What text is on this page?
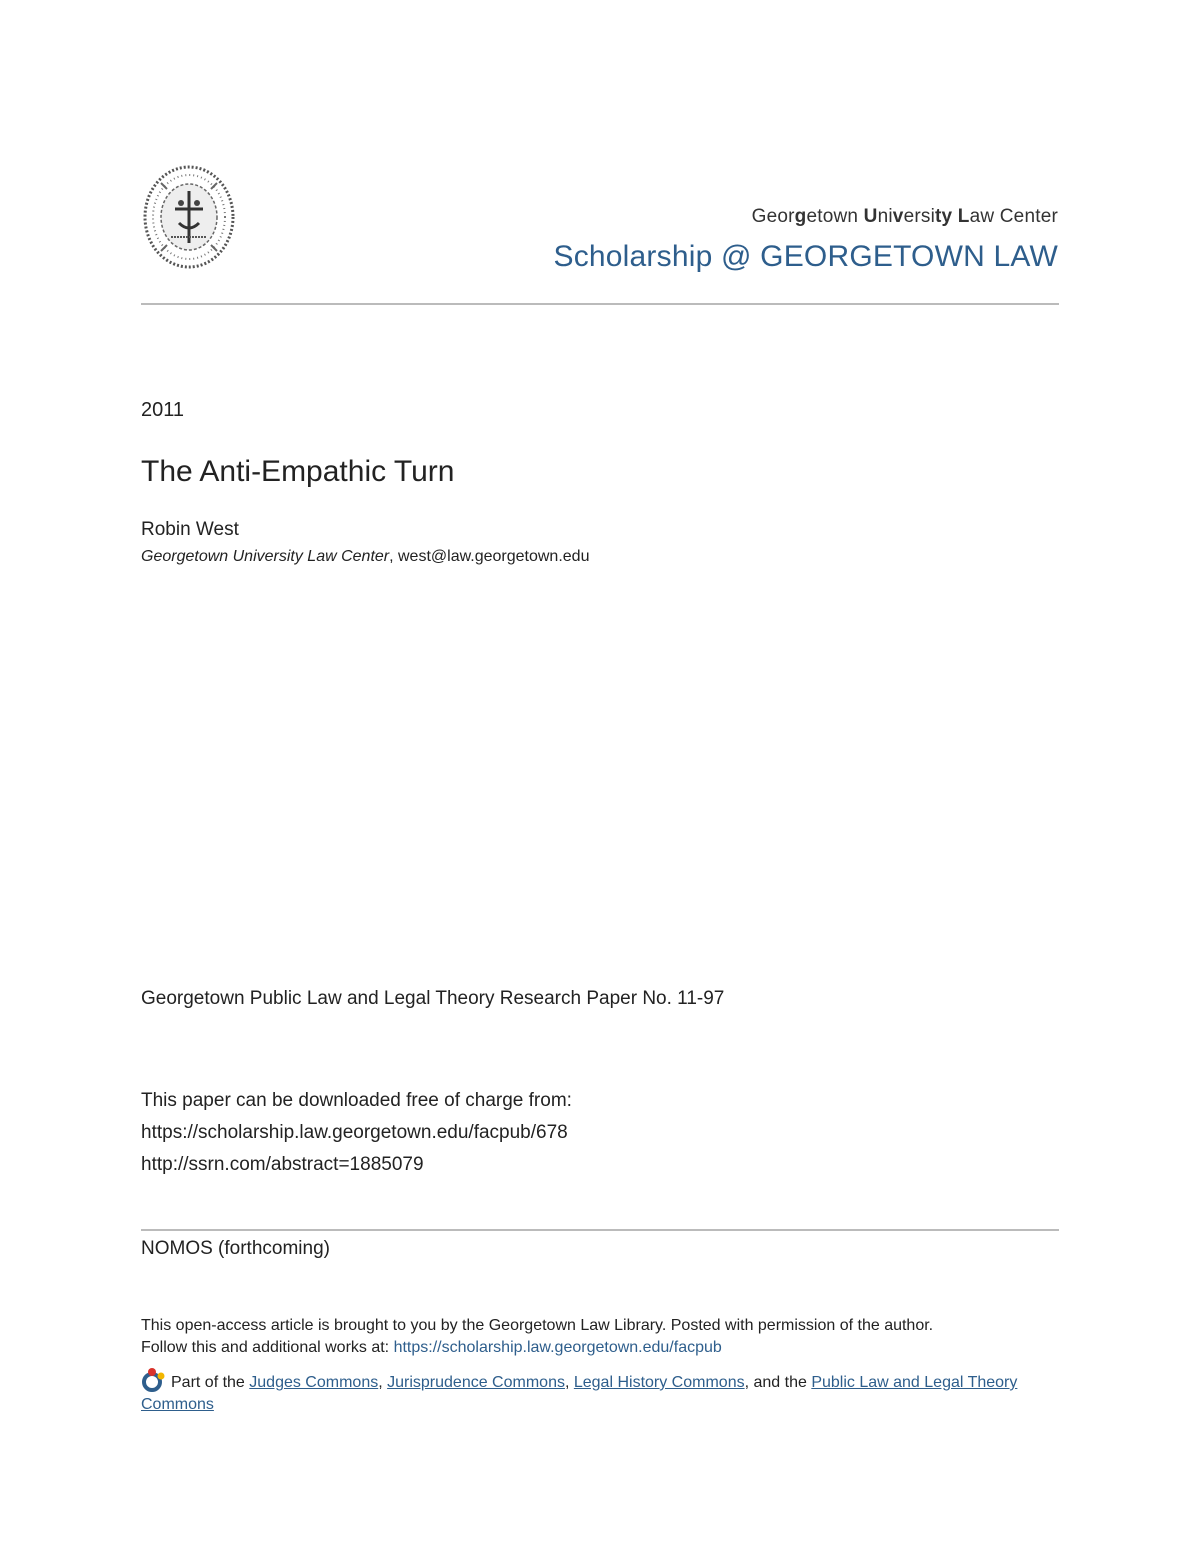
Georgetown University Law Center
Scholarship @ GEORGETOWN LAW
2011
The Anti-Empathic Turn
Robin West
Georgetown University Law Center, west@law.georgetown.edu
Georgetown Public Law and Legal Theory Research Paper No. 11-97
This paper can be downloaded free of charge from:
https://scholarship.law.georgetown.edu/facpub/678
http://ssrn.com/abstract=1885079
NOMOS (forthcoming)
This open-access article is brought to you by the Georgetown Law Library. Posted with permission of the author.
Follow this and additional works at: https://scholarship.law.georgetown.edu/facpub
Part of the Judges Commons, Jurisprudence Commons, Legal History Commons, and the Public Law and Legal Theory Commons
